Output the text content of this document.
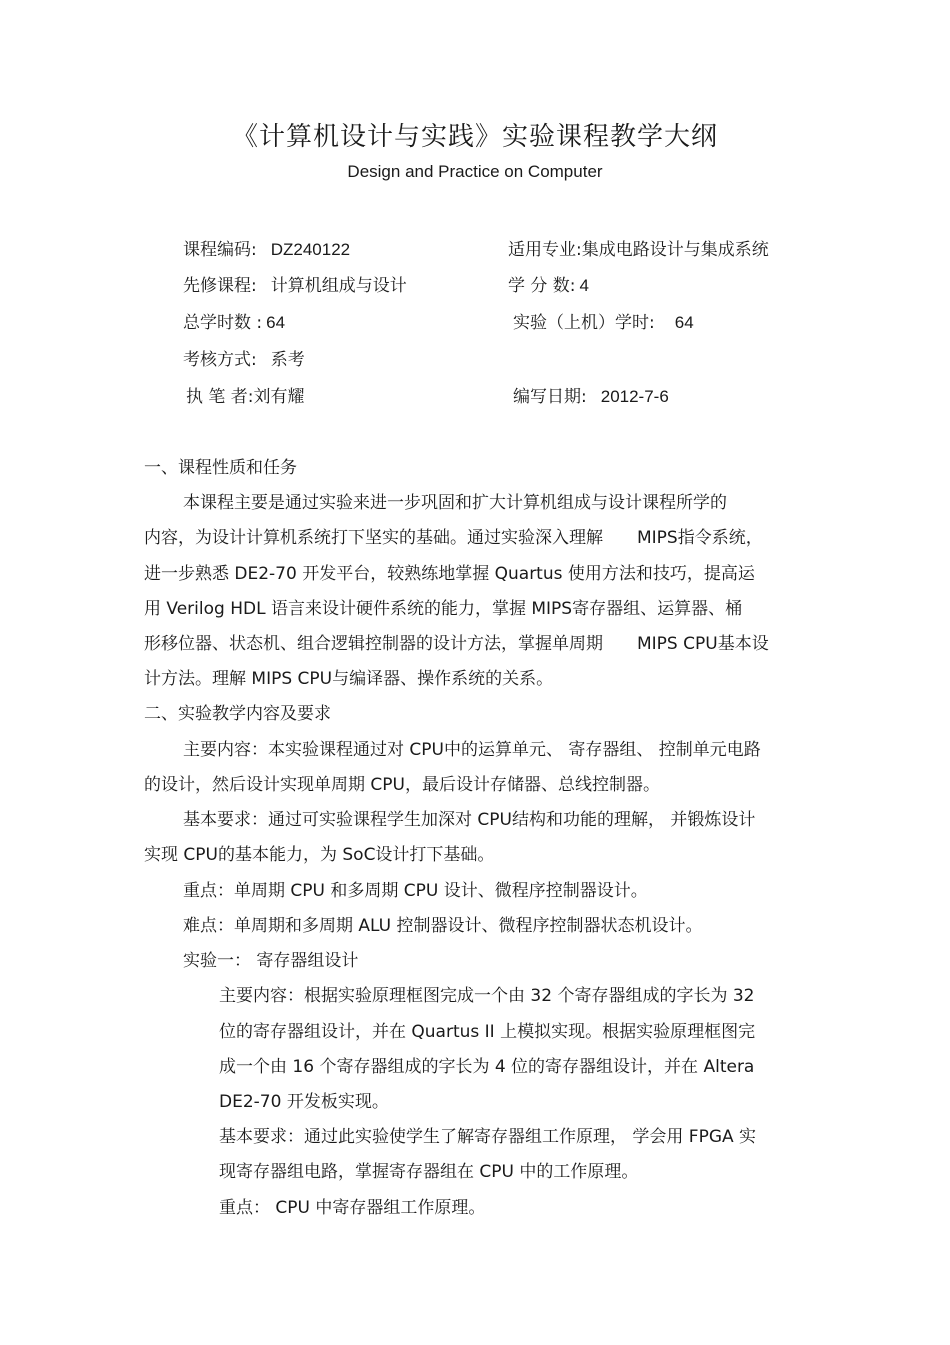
《计算机设计与实践》实验课程教学大纲
Design and Practice on Computer
课程编码: DZ240122	适用专业:集成电路设计与集成系统
先修课程: 计算机组成与设计	学 分 数: 4
总学时数 : 64	实验（上机）学时: 64
考核方式: 系考
执 笔 者:刘有耀	编写日期: 2012-7-6
一、课程性质和任务
本课程主要是通过实验来进一步巩固和扩大计算机组成与设计课程所学的
内容，为设计计算机系统打下坚实的基础。通过实验深入理解　　MIPS指令系统，
进一步熟悉 DE2-70 开发平台，较熟练地掌握 Quartus 使用方法和技巧，提高运
用 Verilog HDL 语言来设计硬件系统的能力，掌握 MIPS寄存器组、运算器、桶
形移位器、状态机、组合逻辑控制器的设计方法，掌握单周期　　MIPS CPU基本设
计方法。理解 MIPS CPU与编译器、操作系统的关系。
二、实验教学内容及要求
主要内容：本实验课程通过对 CPU中的运算单元、 寄存器组、 控制单元电路
的设计，然后设计实现单周期 CPU，最后设计存储器、总线控制器。
基本要求：通过可实验课程学生加深对 CPU结构和功能的理解， 并锻炼设计
实现 CPU的基本能力，为 SoC设计打下基础。
重点：单周期 CPU 和多周期 CPU 设计、微程序控制器设计。
难点：单周期和多周期 ALU 控制器设计、微程序控制器状态机设计。
实验一： 寄存器组设计
主要内容：根据实验原理框图完成一个由 32 个寄存器组成的字长为 32
位的寄存器组设计，并在 Quartus II 上模拟实现。根据实验原理框图完
成一个由 16 个寄存器组成的字长为 4 位的寄存器组设计，并在 Altera
DE2-70 开发板实现。
基本要求：通过此实验使学生了解寄存器组工作原理， 学会用 FPGA 实
现寄存器组电路，掌握寄存器组在 CPU 中的工作原理。
重点： CPU 中寄存器组工作原理。
